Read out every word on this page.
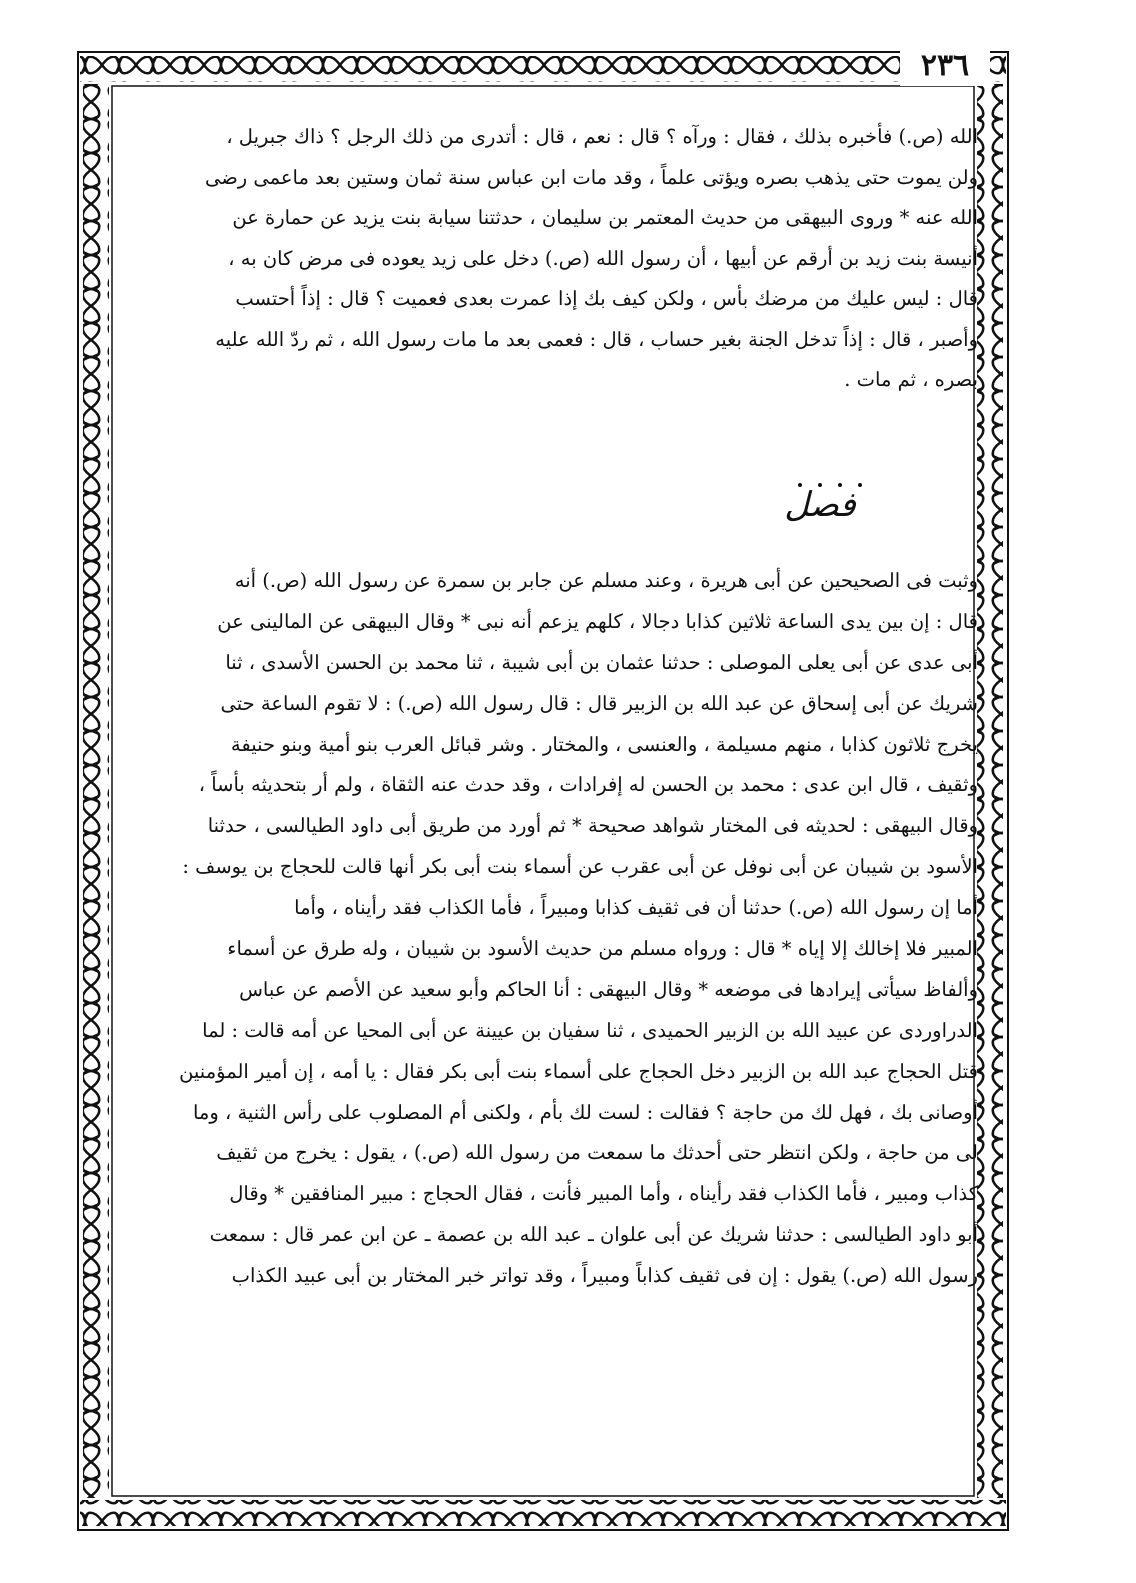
٢٣٦
الله (ص.) فأخبره بذلك ، فقال : ورآه ؟ قال : نعم ، قال : أتدرى من ذلك الرجل ؟ ذاك جبريل ،
ولن يموت حتى يذهب بصره ويؤتى علماً ، وقد مات ابن عباس سنة ثمان وستين بعد ماعمى رضى
الله عنه * وروى البيهقى من حديث المعتمر بن سليمان ، حدثتنا سيابة بنت يزيد عن حمارة عن
أنيسة بنت زيد بن أرقم عن أبيها ، أن رسول الله (ص.) دخل على زيد يعوده فى مرض كان به ،
قال : ليس عليك من مرضك بأس ، ولكن كيف بك إذا عمرت بعدى فعميت ؟ قال : إذاً أحتسب
وأصبر ، قال : إذاً تدخل الجنة بغير حساب ، قال : فعمى بعد ما مات رسول الله ، ثم ردّ الله عليه
بصره ، ثم مات .
فصل
وثبت فى الصحيحين عن أبى هريرة ، وعند مسلم عن جابر بن سمرة عن رسول الله (ص.) أنه
قال : إن بين يدى الساعة ثلاثين كذابا دجالا ، كلهم يزعم أنه نبى * وقال البيهقى عن المالينى عن
أبى عدى عن أبى يعلى الموصلى : حدثنا عثمان بن أبى شيبة ، ثنا محمد بن الحسن الأسدى ، ثنا
شريك عن أبى إسحاق عن عبد الله بن الزبير قال : قال رسول الله (ص.) : لا تقوم الساعة حتى
يخرج ثلاثون كذابا ، منهم مسيلمة ، والعنسى ، والمختار . وشر قبائل العرب بنو أمية وبنو حنيفة
وثقيف ، قال ابن عدى : محمد بن الحسن له إفرادات ، وقد حدث عنه الثقاة ، ولم أر بتحديثه بأساً ،
وقال البيهقى : لحديثه فى المختار شواهد صحيحة * ثم أورد من طريق أبى داود الطيالسى ، حدثنا
الأسود بن شيبان عن أبى نوفل عن أبى عقرب عن أسماء بنت أبى بكر أنها قالت للحجاج بن يوسف :
أما إن رسول الله (ص.) حدثنا أن فى ثقيف كذابا ومبيراً ، فأما الكذاب فقد رأيناه ، وأما
المبير فلا إخالك إلا إياه * قال : ورواه مسلم من حديث الأسود بن شيبان ، وله طرق عن أسماء
وألفاظ سيأتى إيرادها فى موضعه * وقال البيهقى : أنا الحاكم وأبو سعيد عن الأصم عن عباس
الدراوردى عن عبيد الله بن الزبير الحميدى ، ثنا سفيان بن عيينة عن أبى المحيا عن أمه قالت : لما
قتل الحجاج عبد الله بن الزبير دخل الحجاج على أسماء بنت أبى بكر فقال : يا أمه ، إن أمير المؤمنين
أوصانى بك ، فهل لك من حاجة ؟ فقالت : لست لك بأم ، ولكنى أم المصلوب على رأس الثنية ، وما
لى من حاجة ، ولكن انتظر حتى أحدثك ما سمعت من رسول الله (ص.) ، يقول : يخرج من ثقيف
كذاب ومبير ، فأما الكذاب فقد رأيناه ، وأما المبير فأنت ، فقال الحجاج : مبير المنافقين * وقال
أبو داود الطيالسى : حدثنا شريك عن أبى علوان ـ عبد الله بن عصمة ـ عن ابن عمر قال : سمعت
رسول الله (ص.) يقول : إن فى ثقيف كذاباً ومبيراً ، وقد تواتر خبر المختار بن أبى عبيد الكذاب
